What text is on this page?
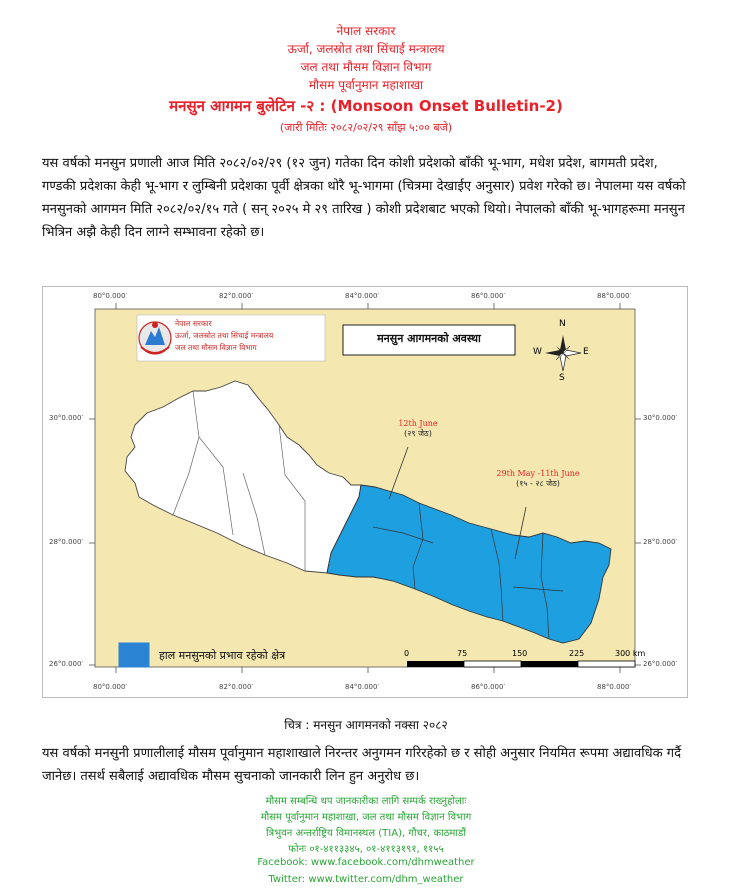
नेपाल सरकार
ऊर्जा, जलस्रोत तथा सिंचाई मन्त्रालय
जल तथा मौसम विज्ञान विभाग
मौसम पूर्वानुमान महाशाखा
मनसुन आगमन बुलेटिन -२ : (Monsoon Onset Bulletin-2)
(जारी मितिः २०८२/०२/२९ साँझ ५:०० बजे)
यस वर्षको मनसुन प्रणाली आज मिति २०८२/०२/२९ (१२ जुन) गतेका दिन कोशी प्रदेशको बाँकी भू-भाग, मधेश प्रदेश, बागमती प्रदेश, गण्डकी प्रदेशका केही भू-भाग र लुम्बिनी प्रदेशका पूर्वी क्षेत्रका थोरै भू-भागमा (चित्रमा देखाईए अनुसार) प्रवेश गरेको छ। नेपालमा यस वर्षको मनसुनको आगमन मिति २०८२/०२/१५ गते ( सन् २०२५ मे २९ तारिख ) कोशी प्रदेशबाट भएको थियो। नेपालको बाँकी भू-भागहरूमा मनसुन भित्रिन अझै केही दिन लाग्ने सम्भावना रहेको छ।
80°0.000′	82°0.000′	84°0.000′	86°0.000′	88°0.000′
80°0.000′	82°0.000′	84°0.000′	86°0.000′	88°0.000′
30°0.000′
28°0.000′
26°0.000′
30°0.000′
28°0.000′
26°0.000′
नेपाल सरकार
ऊर्जा, जलस्रोत तथा सिंचाई मन्त्रालय
जल तथा मौसम विज्ञान विभाग
मनसुन आगमनको अवस्था
N
S
E
W
12th June
(२९ जेठ)
29th May -11th June
(१५ - २८ जेठ)
हाल मनसुनको प्रभाव रहेको क्षेत्र	0	75	150	225	300 km
चित्र : मनसुन आगमनको नक्सा २०८२
यस वर्षको मनसुनी प्रणालीलाई मौसम पूर्वानुमान महाशाखाले निरन्तर अनुगमन गरिरहेको छ र सोही अनुसार नियमित रूपमा अद्यावधिक गर्दै जानेछ। तसर्थ सबैलाई अद्यावधिक मौसम सुचनाको जानकारी लिन हुन अनुरोध छ।
मौसम सम्बन्धि थप जानकारीका लागि सम्पर्क राख्नुहोलाः
मौसम पूर्वानुमान महाशाखा, जल तथा मौसम विज्ञान विभाग
त्रिभुवन अन्तर्राष्ट्रिय विमानस्थल (TIA), गौचर, काठमाडौं
फोनः ०१-४११३३४५, ०१-४११३१९१, ११५५
Facebook: www.facebook.com/dhmweather
Twitter: www.twitter.com/dhm_weather
